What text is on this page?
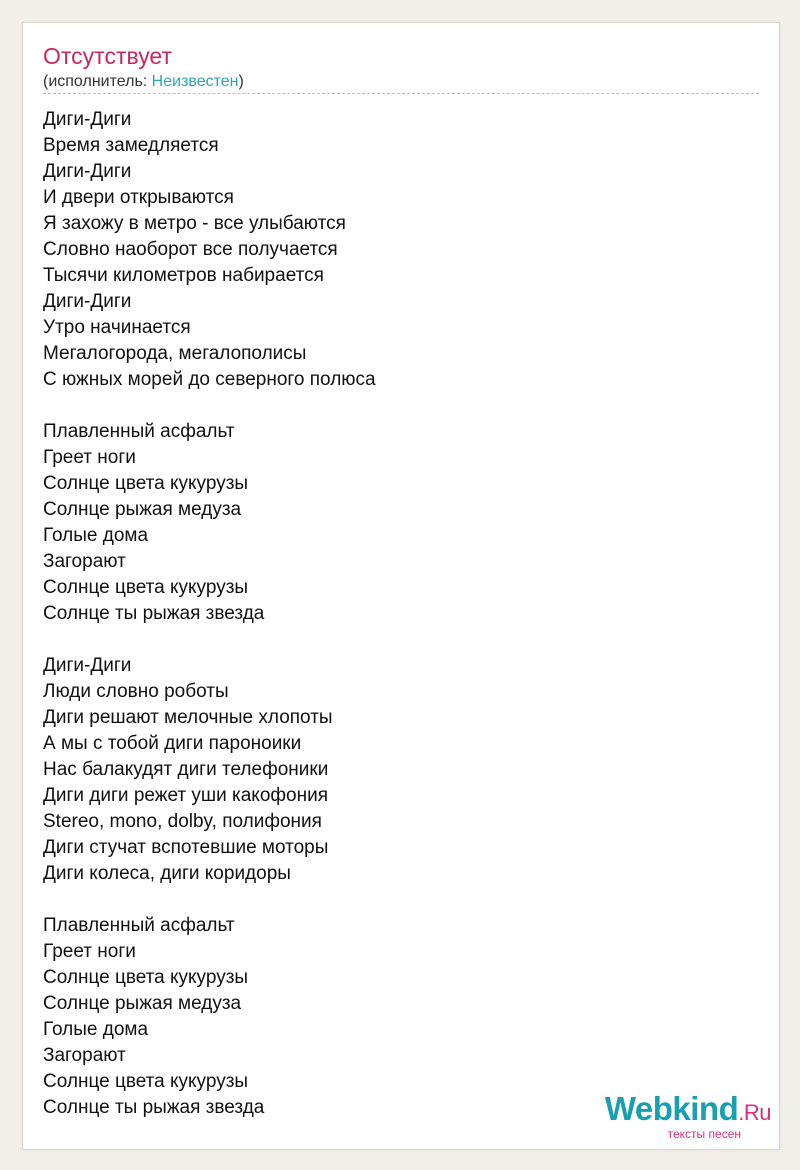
Отсутствует
(исполнитель: Неизвестен)
Диги-Диги
Время замедляется
Диги-Диги
И двери открываются
Я захожу в метро - все улыбаются
Словно наоборот все получается
Тысячи километров набирается
Диги-Диги
Утро начинается
Мегалогорода, мегалополисы
С южных морей до северного полюса
Плавленный асфальт
Греет ноги
Солнце цвета кукурузы
Солнце рыжая медуза
Голые дома
Загорают
Солнце цвета кукурузы
Солнце ты рыжая звезда
Диги-Диги
Люди словно роботы
Диги решают мелочные хлопоты
А мы с тобой диги пароноики
Нас балакудят диги телефоники
Диги диги режет уши какофония
Stereo, mono, dolby, полифония
Диги стучат вспотевшие моторы
Диги колеса, диги коридоры
Плавленный асфальт
Греет ноги
Солнце цвета кукурузы
Солнце рыжая медуза
Голые дома
Загорают
Солнце цвета кукурузы
Солнце ты рыжая звезда	Webkind.Ru
тексты песен
